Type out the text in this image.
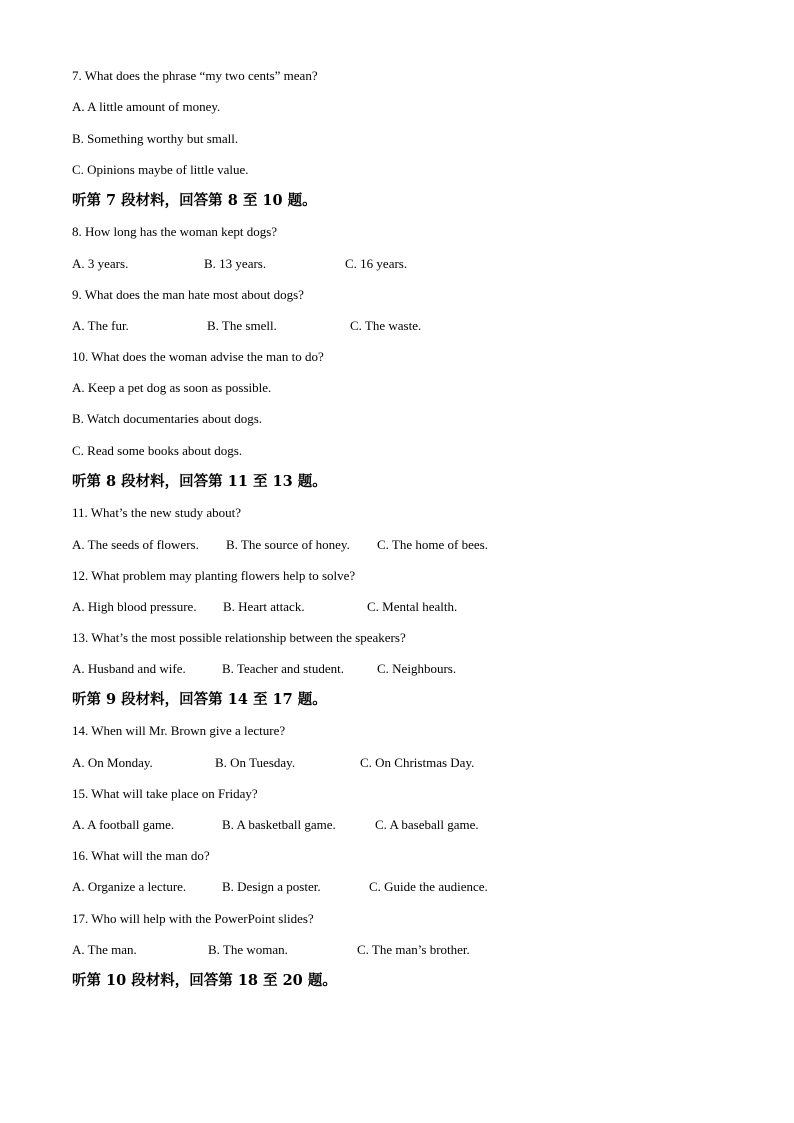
7. What does the phrase “my two cents” mean?
A. A little amount of money.
B. Something worthy but small.
C. Opinions maybe of little value.
听第 7 段材料，回答第 8 至 10 题。
8. How long has the woman kept dogs?
A. 3 years.	B. 13 years.	C. 16 years.
9. What does the man hate most about dogs?
A. The fur.	B. The smell.	C. The waste.
10. What does the woman advise the man to do?
A. Keep a pet dog as soon as possible.
B. Watch documentaries about dogs.
C. Read some books about dogs.
听第 8 段材料，回答第 11 至 13 题。
11. What’s the new study about?
A. The seeds of flowers. B. The source of honey. C. The home of bees.
12. What problem may planting flowers help to solve?
A. High blood pressure. B. Heart attack.	C. Mental health.
13. What’s the most possible relationship between the speakers?
A. Husband and wife.	B. Teacher and student.	C. Neighbours.
听第 9 段材料，回答第 14 至 17 题。
14. When will Mr. Brown give a lecture?
A. On Monday.	B. On Tuesday.	C. On Christmas Day.
15. What will take place on Friday?
A. A football game.	B. A basketball game.	C. A baseball game.
16. What will the man do?
A. Organize a lecture.	B. Design a poster.	C. Guide the audience.
17. Who will help with the PowerPoint slides?
A. The man.	B. The woman.	C. The man’s brother.
听第 10 段材料，回答第 18 至 20 题。
